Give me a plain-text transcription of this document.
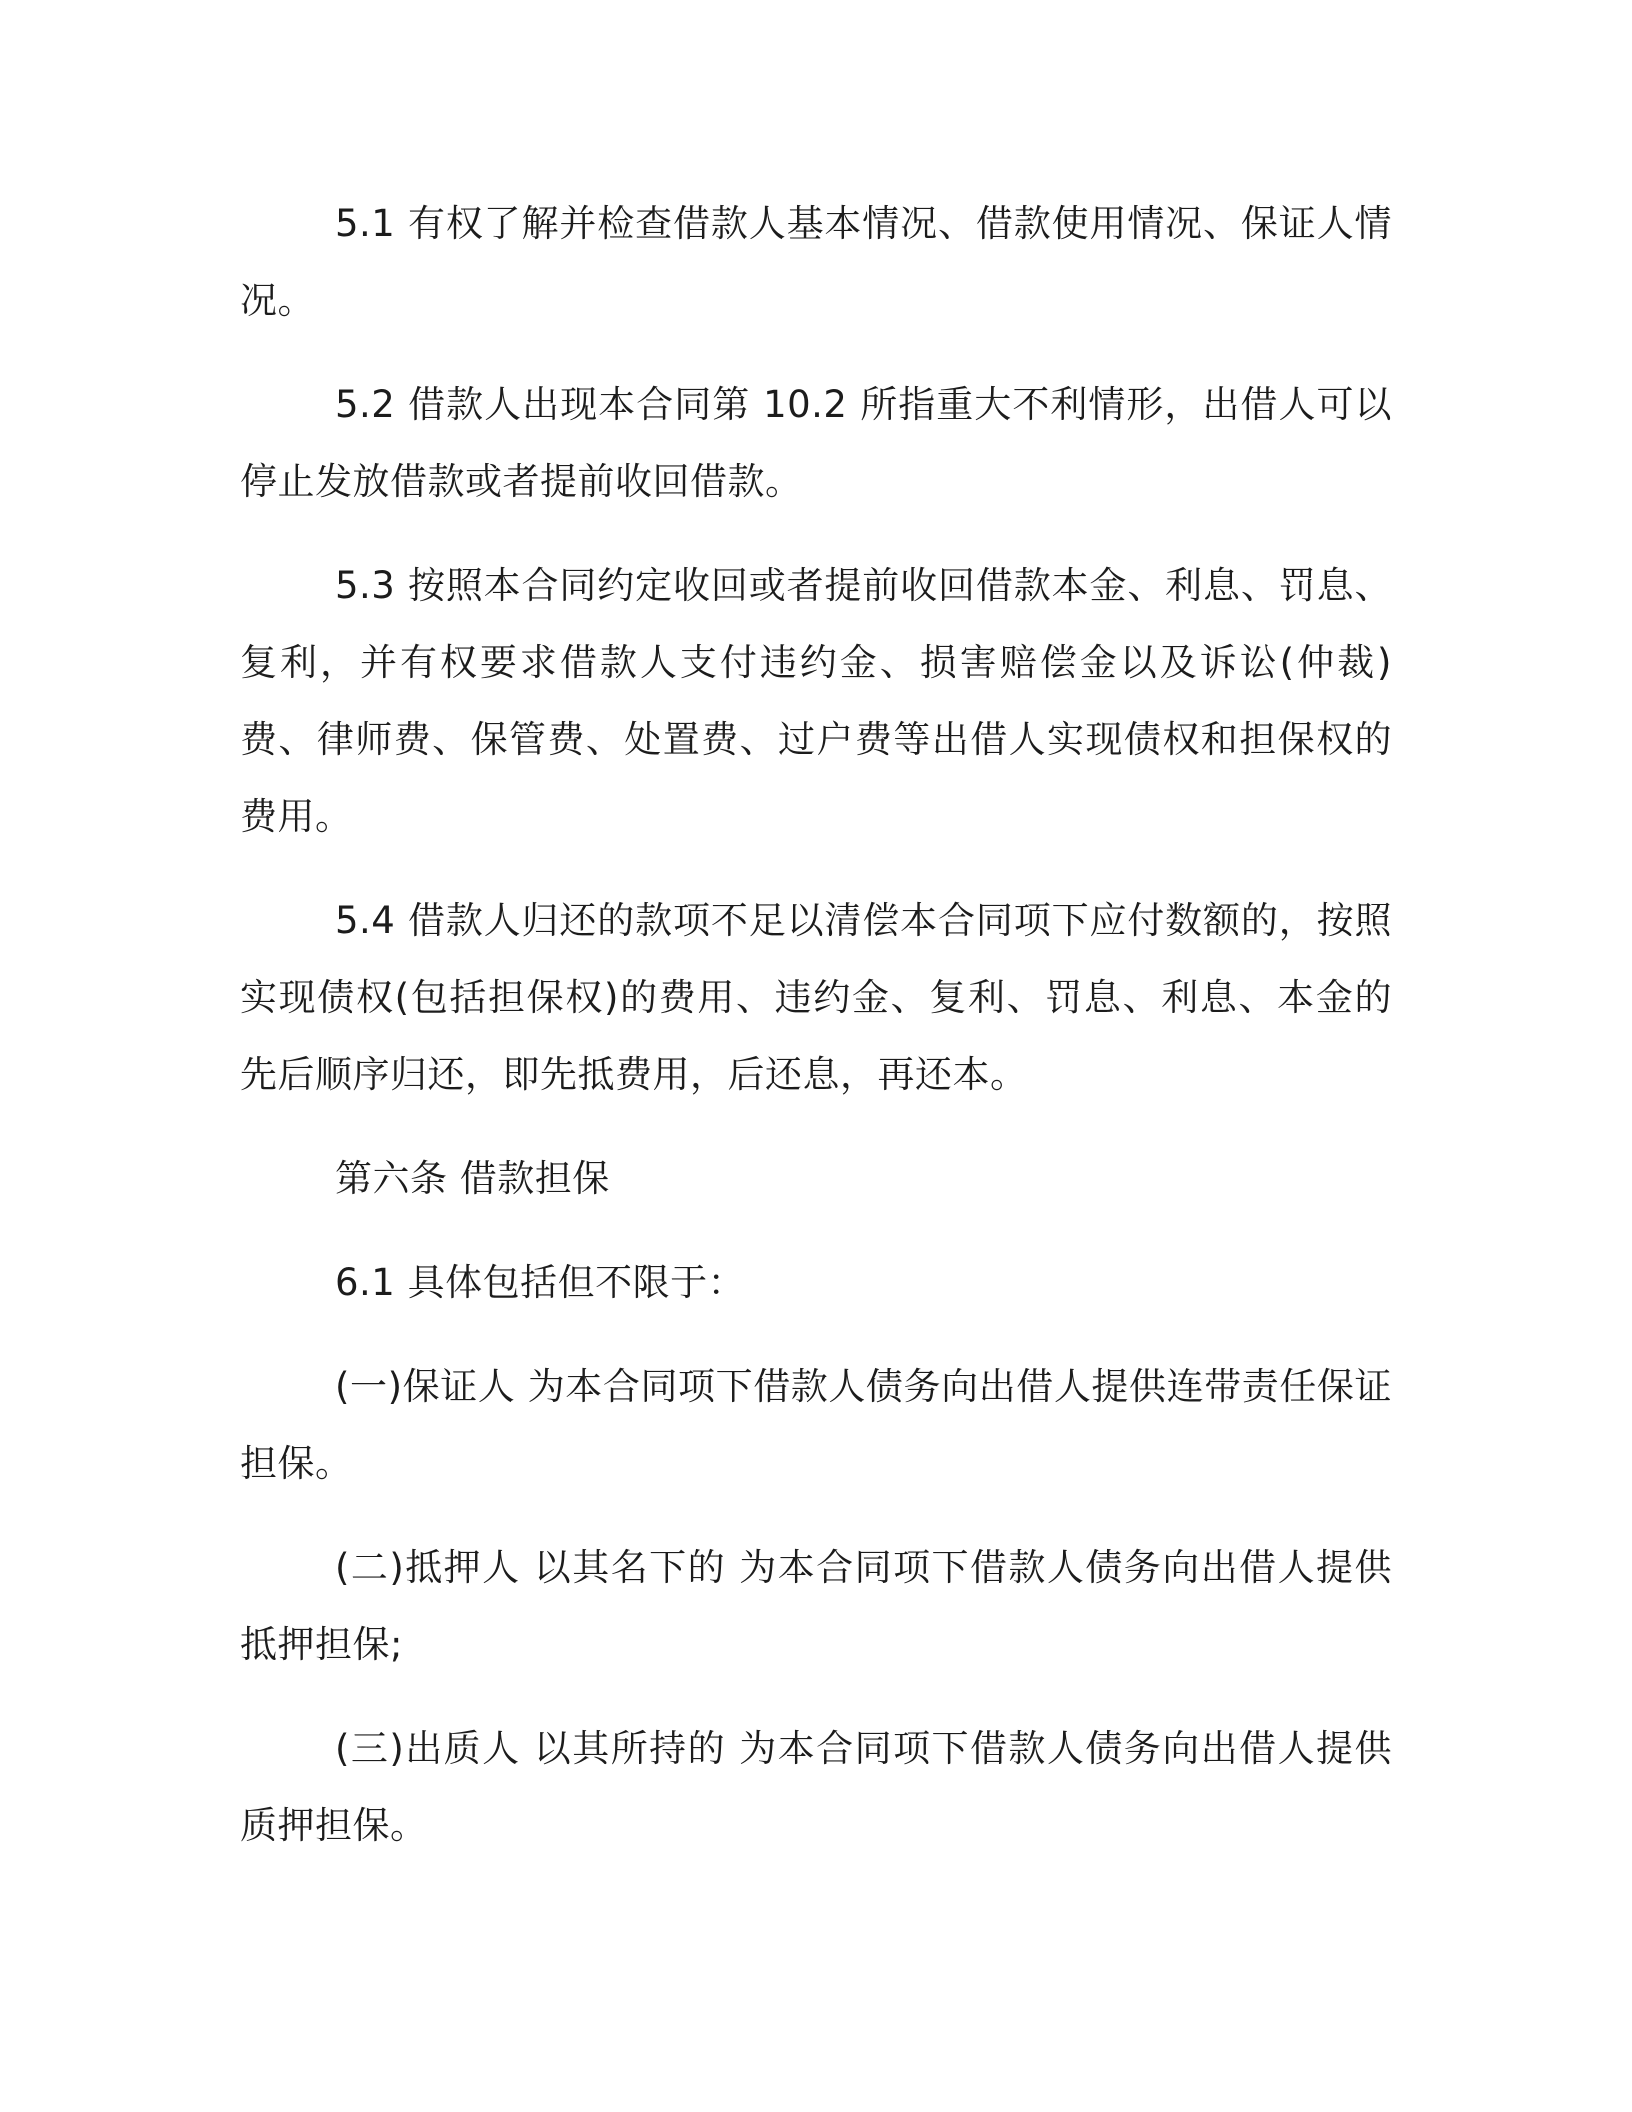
5.1 有权了解并检查借款人基本情况、借款使用情况、保证人情况。

5.2 借款人出现本合同第 10.2 所指重大不利情形，出借人可以停止发放借款或者提前收回借款。

5.3 按照本合同约定收回或者提前收回借款本金、利息、罚息、复利，并有权要求借款人支付违约金、损害赔偿金以及诉讼(仲裁)费、律师费、保管费、处置费、过户费等出借人实现债权和担保权的费用。

5.4 借款人归还的款项不足以清偿本合同项下应付数额的，按照实现债权(包括担保权)的费用、违约金、复利、罚息、利息、本金的先后顺序归还，即先抵费用，后还息，再还本。

第六条 借款担保

6.1 具体包括但不限于：

(一)保证人 为本合同项下借款人债务向出借人提供连带责任保证担保。

(二)抵押人 以其名下的 为本合同项下借款人债务向出借人提供抵押担保;

(三)出质人 以其所持的 为本合同项下借款人债务向出借人提供质押担保。
